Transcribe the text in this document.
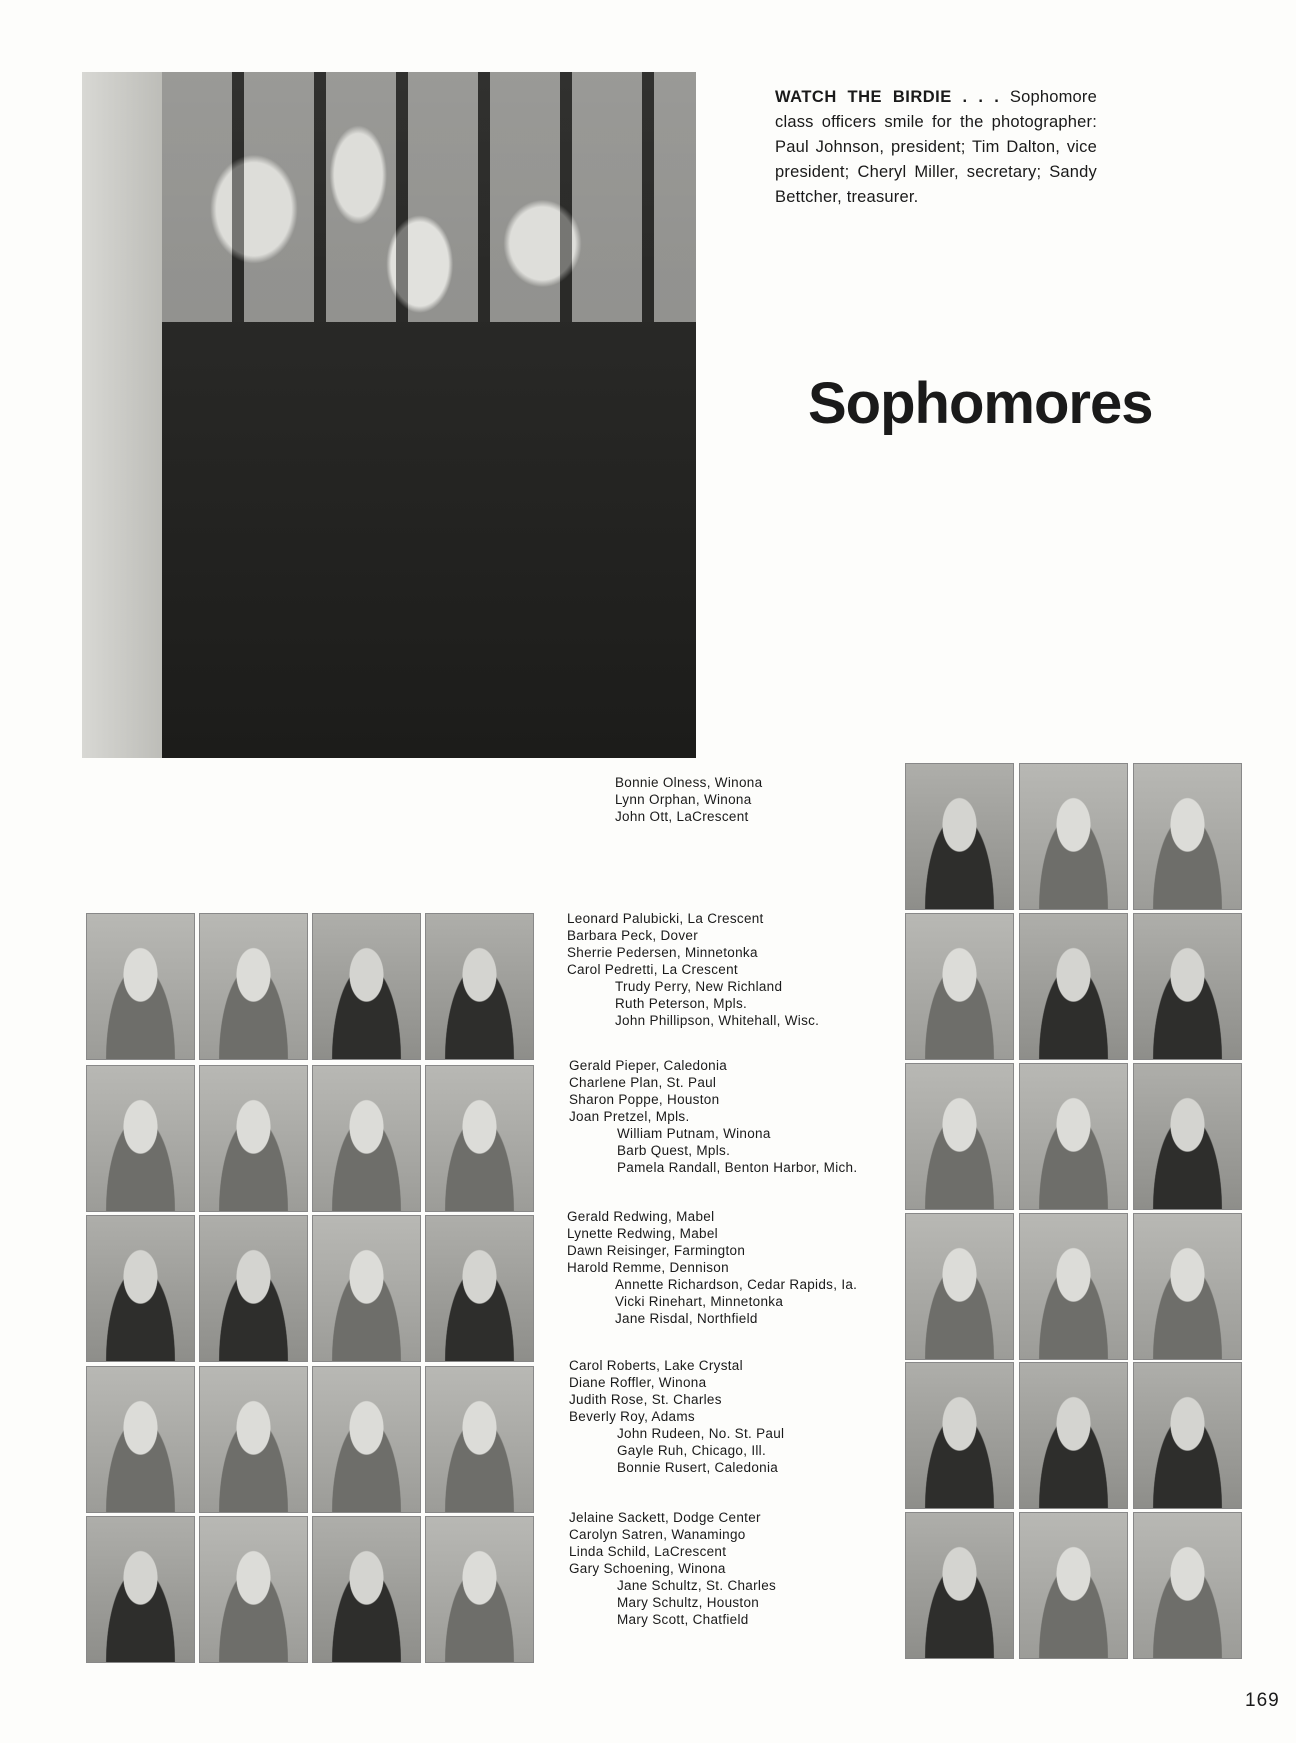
WATCH THE BIRDIE . . . Sophomore class officers smile for the photographer: Paul Johnson, president; Tim Dalton, vice president; Cheryl Miller, secretary; Sandy Bettcher, treasurer.

Sophomores
Bonnie Olness, Winona
Lynn Orphan, Winona
John Ott, LaCrescent
Leonard Palubicki, La Crescent
Barbara Peck, Dover
Sherrie Pedersen, Minnetonka
Carol Pedretti, La Crescent
Trudy Perry, New Richland
Ruth Peterson, Mpls.
John Phillipson, Whitehall, Wisc.
Gerald Pieper, Caledonia
Charlene Plan, St. Paul
Sharon Poppe, Houston
Joan Pretzel, Mpls.
William Putnam, Winona
Barb Quest, Mpls.
Pamela Randall, Benton Harbor, Mich.
Gerald Redwing, Mabel
Lynette Redwing, Mabel
Dawn Reisinger, Farmington
Harold Remme, Dennison
Annette Richardson, Cedar Rapids, Ia.
Vicki Rinehart, Minnetonka
Jane Risdal, Northfield
Carol Roberts, Lake Crystal
Diane Roffler, Winona
Judith Rose, St. Charles
Beverly Roy, Adams
John Rudeen, No. St. Paul
Gayle Ruh, Chicago, Ill.
Bonnie Rusert, Caledonia
Jelaine Sackett, Dodge Center
Carolyn Satren, Wanamingo
Linda Schild, LaCrescent
Gary Schoening, Winona
Jane Schultz, St. Charles
Mary Schultz, Houston
Mary Scott, Chatfield
169
